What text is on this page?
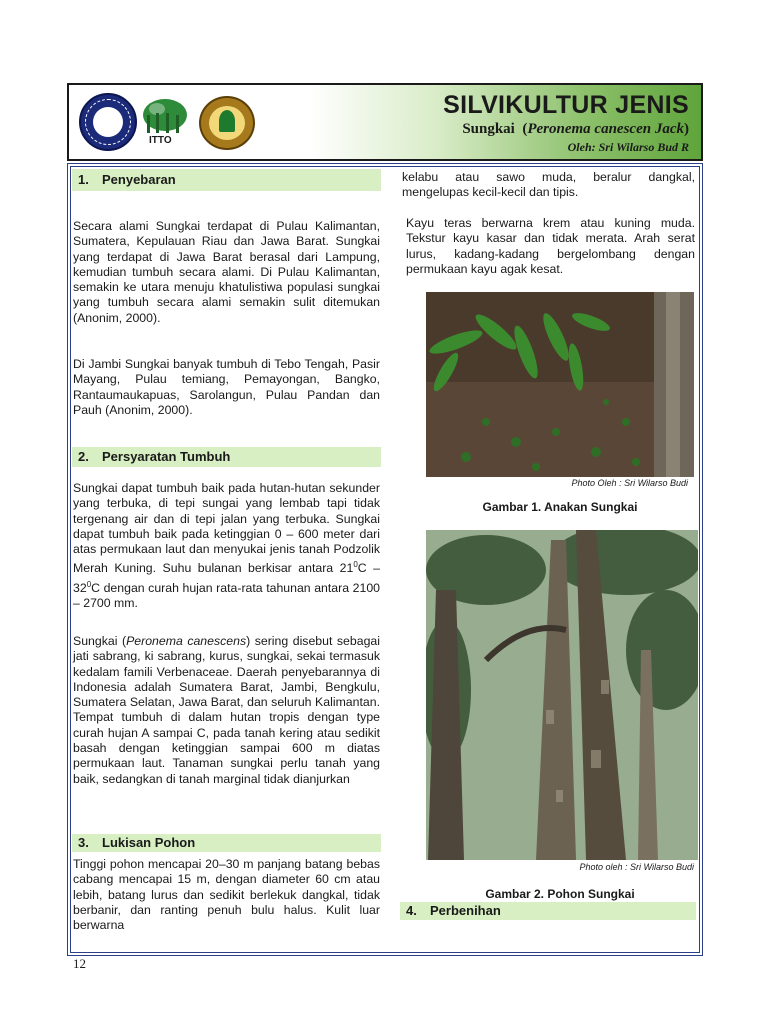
ITTO
SILVIKULTUR JENIS
Sungkai (Peronema canescen Jack)
Oleh: Sri Wilarso Bud R
1. Penyebaran

Secara alami Sungkai terdapat di Pulau Kalimantan, Sumatera, Kepulauan Riau dan Jawa Barat. Sungkai yang terdapat di Jawa Barat berasal dari Lampung, kemudian tumbuh secara alami. Di Pulau Kalimantan, semakin ke utara menuju khatulistiwa populasi sungkai yang tumbuh secara alami semakin sulit ditemukan (Anonim, 2000).

Di Jambi Sungkai banyak tumbuh di Tebo Tengah, Pasir Mayang, Pulau temiang, Pemayongan, Bangko, Rantaumaukapuas, Sarolangun, Pulau Pandan dan Pauh (Anonim, 2000).

2. Persyaratan Tumbuh

Sungkai dapat tumbuh baik pada hutan-hutan sekunder yang terbuka, di tepi sungai yang lembab tapi tidak tergenang air dan di tepi jalan yang terbuka. Sungkai dapat tumbuh baik pada ketinggian 0 – 600 meter dari atas permukaan laut dan menyukai jenis tanah Podzolik Merah Kuning. Suhu bulanan berkisar antara $21^0C - 32^0C$ dengan curah hujan rata-rata tahunan antara 2100 – 2700 mm.

Sungkai (Peronema canescens) sering disebut sebagai jati sabrang, ki sabrang, kurus, sungkai, sekai termasuk kedalam famili Verbenaceae. Daerah penyebarannya di Indonesia adalah Sumatera Barat, Jambi, Bengkulu, Sumatera Selatan, Jawa Barat, dan seluruh Kalimantan. Tempat tumbuh di dalam hutan tropis dengan type curah hujan A sampai C, pada tanah kering atau sedikit basah dengan ketinggian sampai 600 m diatas permukaan laut. Tanaman sungkai perlu tanah yang baik, sedangkan di tanah marginal tidak dianjurkan

3. Lukisan Pohon

Tinggi pohon mencapai 20–30 m panjang batang bebas cabang mencapai 15 m, dengan diameter 60 cm atau lebih, batang lurus dan sedikit berlekuk dangkal, tidak berbanir, dan ranting penuh bulu halus. Kulit luar berwarna

kelabu atau sawo muda, beralur dangkal, mengelupas kecil-kecil dan tipis.

Kayu teras berwarna krem atau kuning muda. Tekstur kayu kasar dan tidak merata. Arah serat lurus, kadang-kadang bergelombang dengan permukaan kayu agak kesat.

Photo Oleh : Sri Wilarso Budi
Gambar 1. Anakan Sungkai
Photo oleh : Sri Wilarso Budi
Gambar 2. Pohon Sungkai
4. Perbenihan
12
